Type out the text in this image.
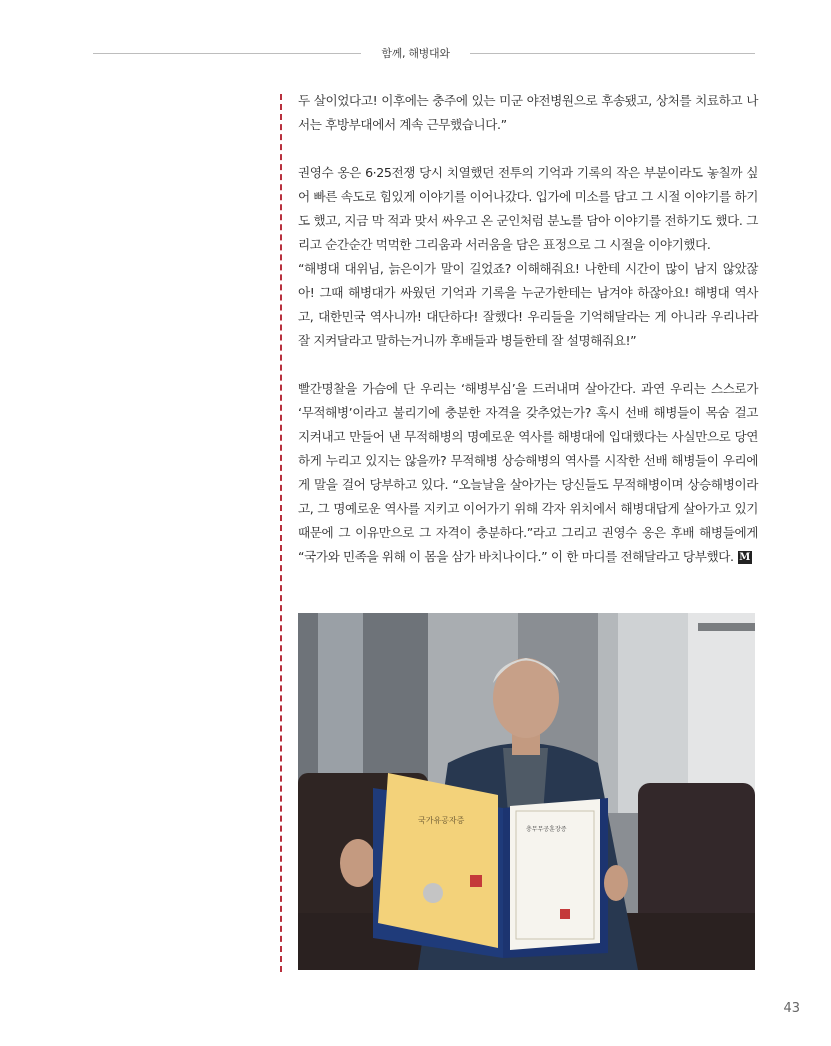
함께, 해병대와

두 살이었다고! 이후에는 충주에 있는 미군 야전병원으로 후송됐고, 상처를 치료하고 나서는 후방부대에서 계속 근무했습니다.”

권영수 옹은 6·25전쟁 당시 치열했던 전투의 기억과 기록의 작은 부분이라도 놓칠까 싶어 빠른 속도로 힘있게 이야기를 이어나갔다. 입가에 미소를 담고 그 시절 이야기를 하기도 했고, 지금 막 적과 맞서 싸우고 온 군인처럼 분노를 담아 이야기를 전하기도 했다. 그리고 순간순간 먹먹한 그리움과 서러움을 담은 표정으로 그 시절을 이야기했다.

“해병대 대위님, 늙은이가 말이 길었죠? 이해해줘요! 나한테 시간이 많이 남지 않았잖아! 그때 해병대가 싸웠던 기억과 기록을 누군가한테는 남겨야 하잖아요! 해병대 역사고, 대한민국 역사니까! 대단하다! 잘했다! 우리들을 기억해달라는 게 아니라 우리나라 잘 지켜달라고 말하는거니까 후배들과 병들한테 잘 설명해줘요!”

빨간명찰을 가슴에 단 우리는 ‘해병부심’을 드러내며 살아간다. 과연 우리는 스스로가 ‘무적해병’이라고 불리기에 충분한 자격을 갖추었는가? 혹시 선배 해병들이 목숨 걸고 지켜내고 만들어 낸 무적해병의 명예로운 역사를 해병대에 입대했다는 사실만으로 당연하게 누리고 있지는 않을까? 무적해병 상승해병의 역사를 시작한 선배 해병들이 우리에게 말을 걸어 당부하고 있다. “오늘날을 살아가는 당신들도 무적해병이며 상승해병이라고, 그 명예로운 역사를 지키고 이어가기 위해 각자 위치에서 해병대답게 살아가고 있기 때문에 그 이유만으로 그 자격이 충분하다.”라고 그리고 권영수 옹은 후배 해병들에게 “국가와 민족을 위해 이 몸을 삼가 바치나이다.” 이 한 마디를 전해달라고 당부했다. M

국가유공자증
충무무공훈장증
43
